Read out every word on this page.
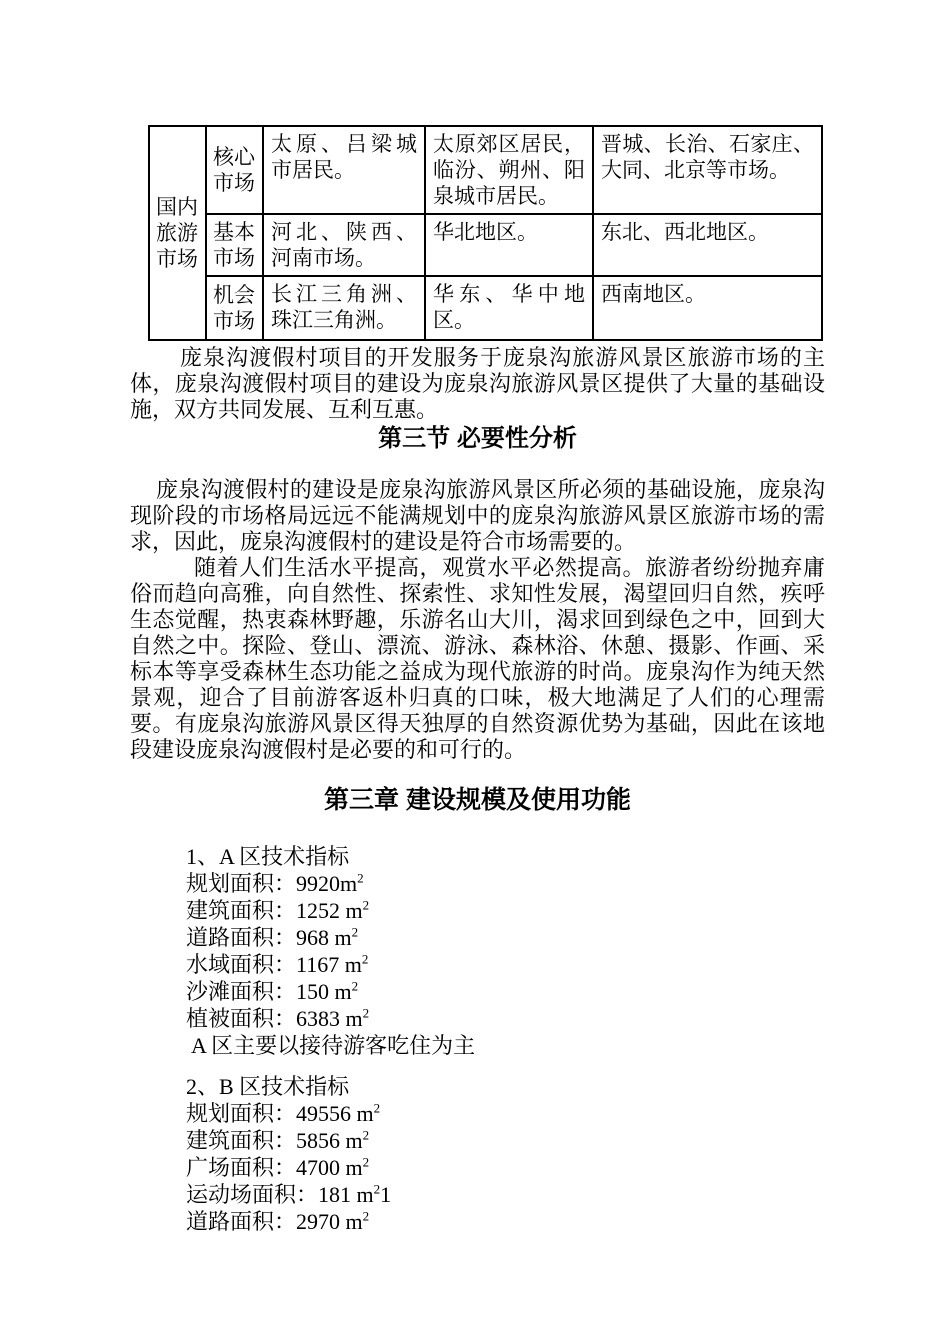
国内旅游市场	核心市场	太原、吕梁城市居民。	太原郊区居民，临汾、朔州、阳泉城市居民。	晋城、长治、石家庄、大同、北京等市场。
	基本市场	河北、陕西、河南市场。	华北地区。	东北、西北地区。
	机会市场	长江三角洲、珠江三角洲。	华东、华中地区。	西南地区。

庞泉沟渡假村项目的开发服务于庞泉沟旅游风景区旅游市场的主体，庞泉沟渡假村项目的建设为庞泉沟旅游风景区提供了大量的基础设施，双方共同发展、互利互惠。

第三节 必要性分析

庞泉沟渡假村的建设是庞泉沟旅游风景区所必须的基础设施，庞泉沟现阶段的市场格局远远不能满规划中的庞泉沟旅游风景区旅游市场的需求，因此，庞泉沟渡假村的建设是符合市场需要的。

随着人们生活水平提高，观赏水平必然提高。旅游者纷纷抛弃庸俗而趋向高雅，向自然性、探索性、求知性发展，渴望回归自然，疾呼生态觉醒，热衷森林野趣，乐游名山大川，渴求回到绿色之中，回到大自然之中。探险、登山、漂流、游泳、森林浴、休憩、摄影、作画、采标本等享受森林生态功能之益成为现代旅游的时尚。庞泉沟作为纯天然景观，迎合了目前游客返朴归真的口味，极大地满足了人们的心理需要。有庞泉沟旅游风景区得天独厚的自然资源优势为基础，因此在该地段建设庞泉沟渡假村是必要的和可行的。

第三章 建设规模及使用功能
1、A 区技术指标
规划面积：$9920m^2$
建筑面积：1252 $m^2$
道路面积：968 $m^2$
水域面积：1167 $m^2$
沙滩面积：150 $m^2$
植被面积：6383 $m^2$
A 区主要以接待游客吃住为主
2、B 区技术指标
规划面积：49556 $m^2$
建筑面积：5856 $m^2$
广场面积：4700 $m^2$
运动场面积：181 $m^21$
道路面积：2970 $m^2$
